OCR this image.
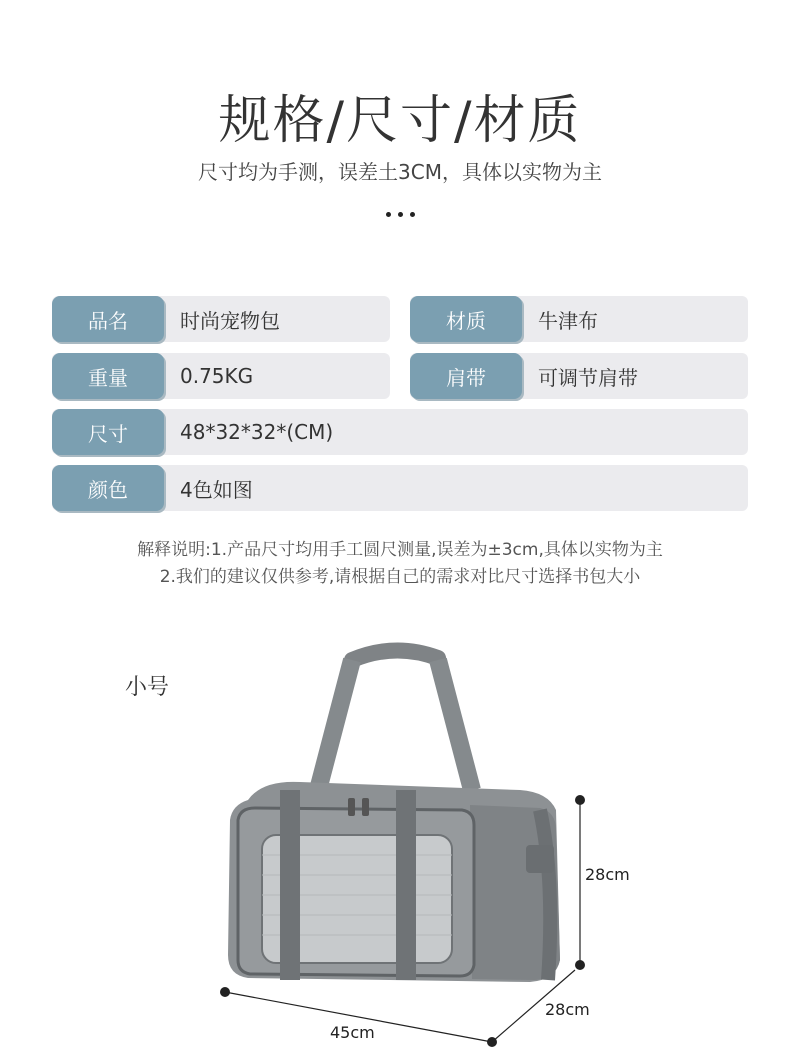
规格/尺寸/材质
尺寸均为手测，误差土3CM，具体以实物为主
品名	时尚宠物包	材质	牛津布
重量	0.75KG	肩带	可调节肩带
尺寸	48*32*32*(CM)
颜色	4色如图
解释说明:1.产品尺寸均用手工圆尺测量,误差为±3cm,具体以实物为主
2.我们的建议仅供参考,请根据自己的需求对比尺寸选择书包大小
小号
28cm
28cm
45cm
